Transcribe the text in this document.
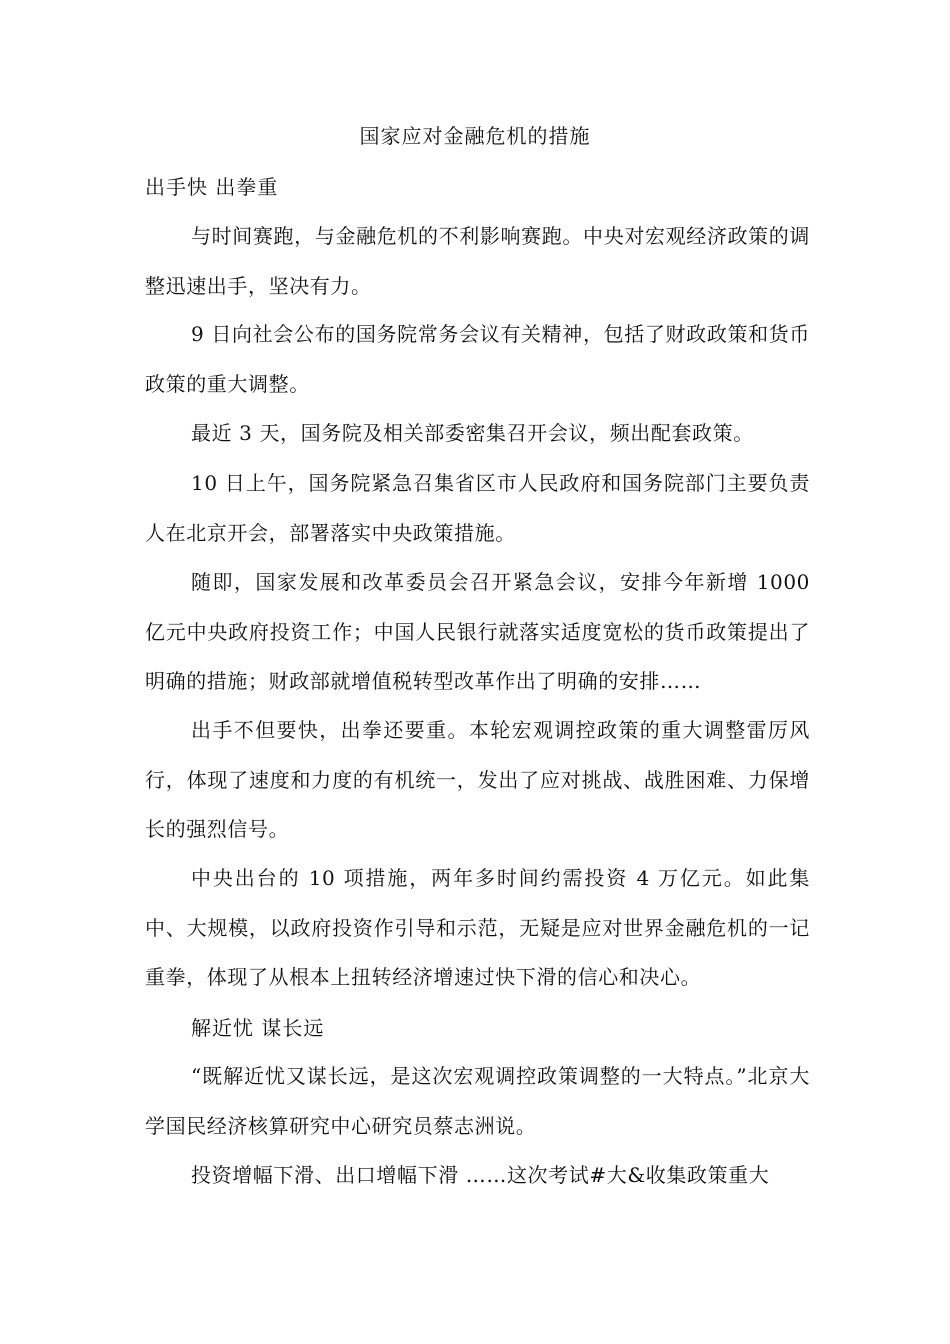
国家应对金融危机的措施
出手快 出拳重

与时间赛跑，与金融危机的不利影响赛跑。中央对宏观经济政策的调整迅速出手，坚决有力。

9 日向社会公布的国务院常务会议有关精神，包括了财政政策和货币政策的重大调整。

最近 3 天，国务院及相关部委密集召开会议，频出配套政策。

10 日上午，国务院紧急召集省区市人民政府和国务院部门主要负责人在北京开会，部署落实中央政策措施。

随即，国家发展和改革委员会召开紧急会议，安排今年新增 1000 亿元中央政府投资工作；中国人民银行就落实适度宽松的货币政策提出了明确的措施；财政部就增值税转型改革作出了明确的安排……

出手不但要快，出拳还要重。本轮宏观调控政策的重大调整雷厉风行，体现了速度和力度的有机统一，发出了应对挑战、战胜困难、力保增长的强烈信号。

中央出台的 10 项措施，两年多时间约需投资 4 万亿元。如此集中、大规模，以政府投资作引导和示范，无疑是应对世界金融危机的一记重拳，体现了从根本上扭转经济增速过快下滑的信心和决心。

解近忧 谋长远

“既解近忧又谋长远，是这次宏观调控政策调整的一大特点。”北京大学国民经济核算研究中心研究员蔡志洲说。

投资增幅下滑、出口增幅下滑 ……这次考试#大&收集政策重大
